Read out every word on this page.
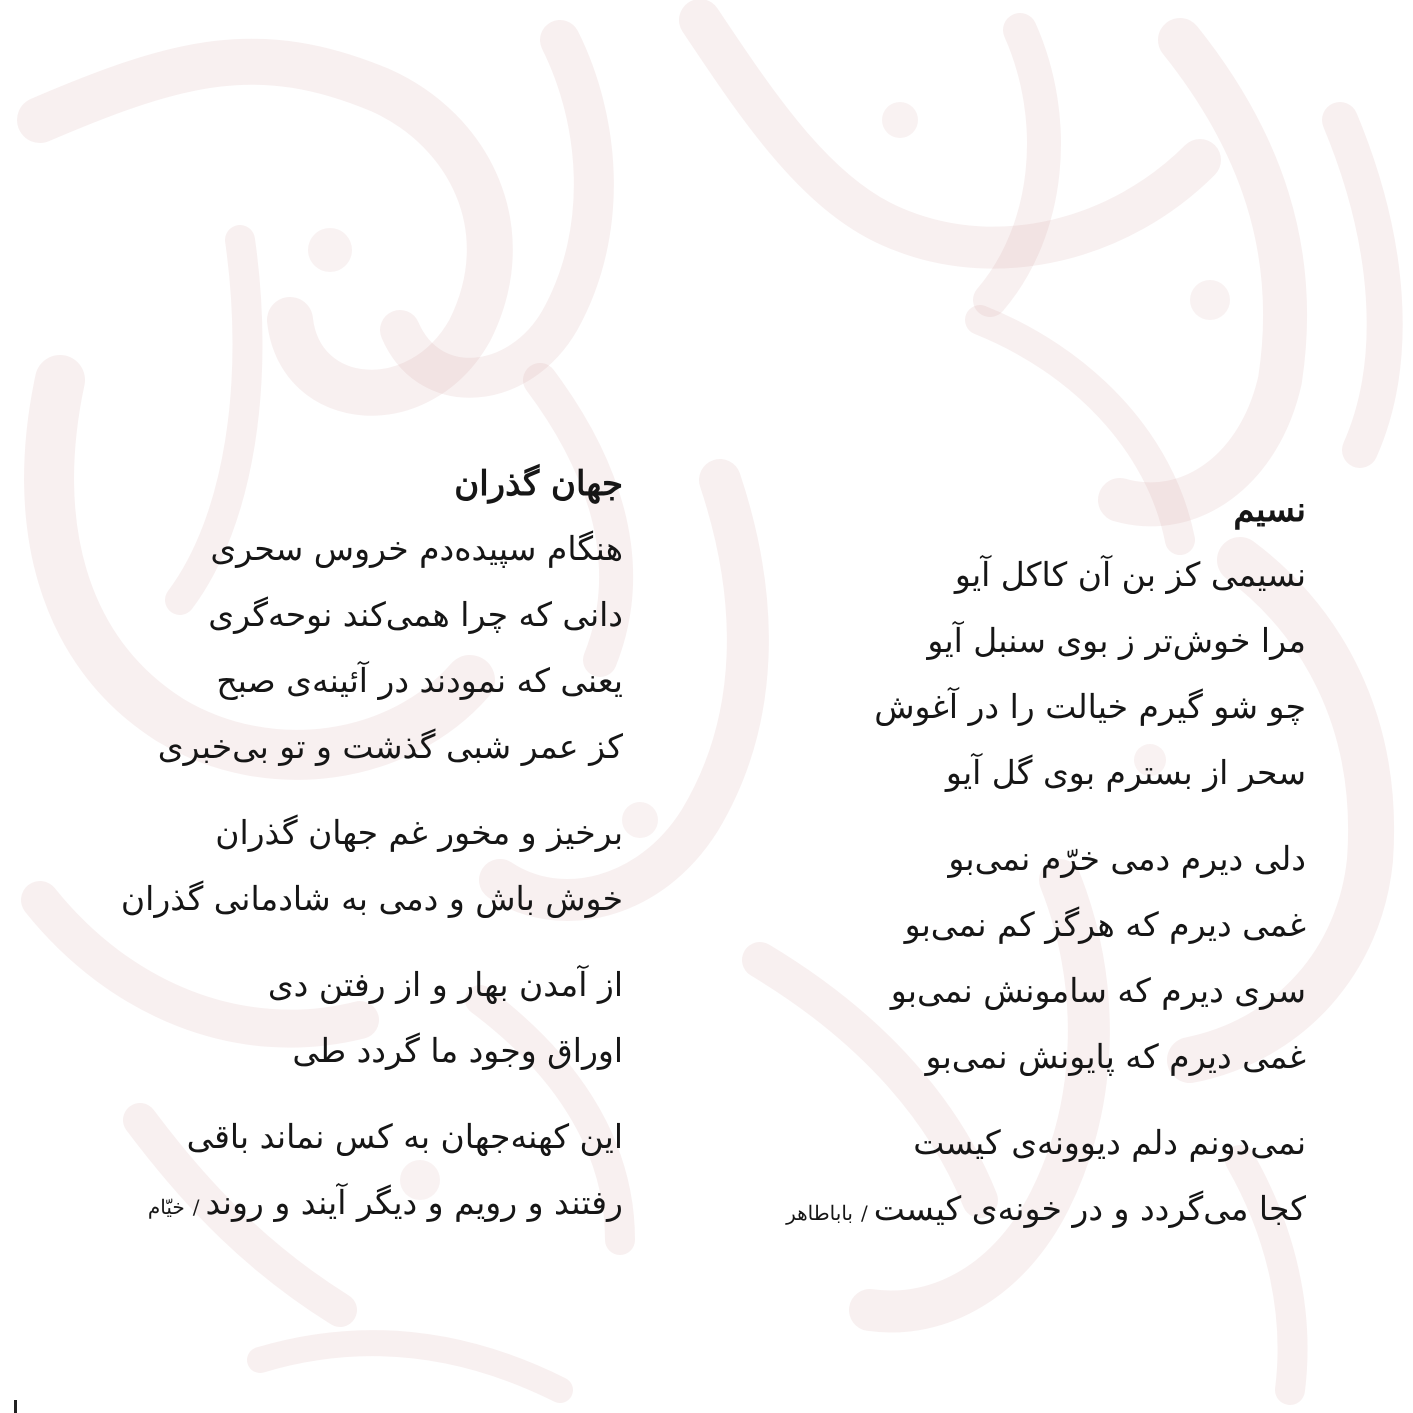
جهان گذران
هنگام سپیده‌دم خروس سحری
دانی که چرا همی‌کند نوحه‌گری
یعنی که نمودند در آئینه‌ی صبح
کز عمر شبی گذشت و تو بی‌خبری
برخیز و مخور غم جهان گذران
خوش باش و دمی به شادمانی گذران
از آمدن بهار و از رفتن دی
اوراق وجود ما گردد طی
این کهنه‌جهان به کس نماند باقی
رفتند و رویم و دیگر آیند و روند/خیّام
نسیم
نسیمی کز بن آن کاکل آیو
مرا خوش‌تر ز بوی سنبل آیو
چو شو گیرم خیالت را در آغوش
سحر از بسترم بوی گل آیو
دلی دیرم دمی خرّم نمی‌بو
غمی دیرم که هرگز کم نمی‌بو
سری دیرم که سامونش نمی‌بو
غمی دیرم که پایونش نمی‌بو
نمی‌دونم دلم دیوونه‌ی کیست
کجا می‌گردد و در خونه‌ی کیست/باباطاهر
